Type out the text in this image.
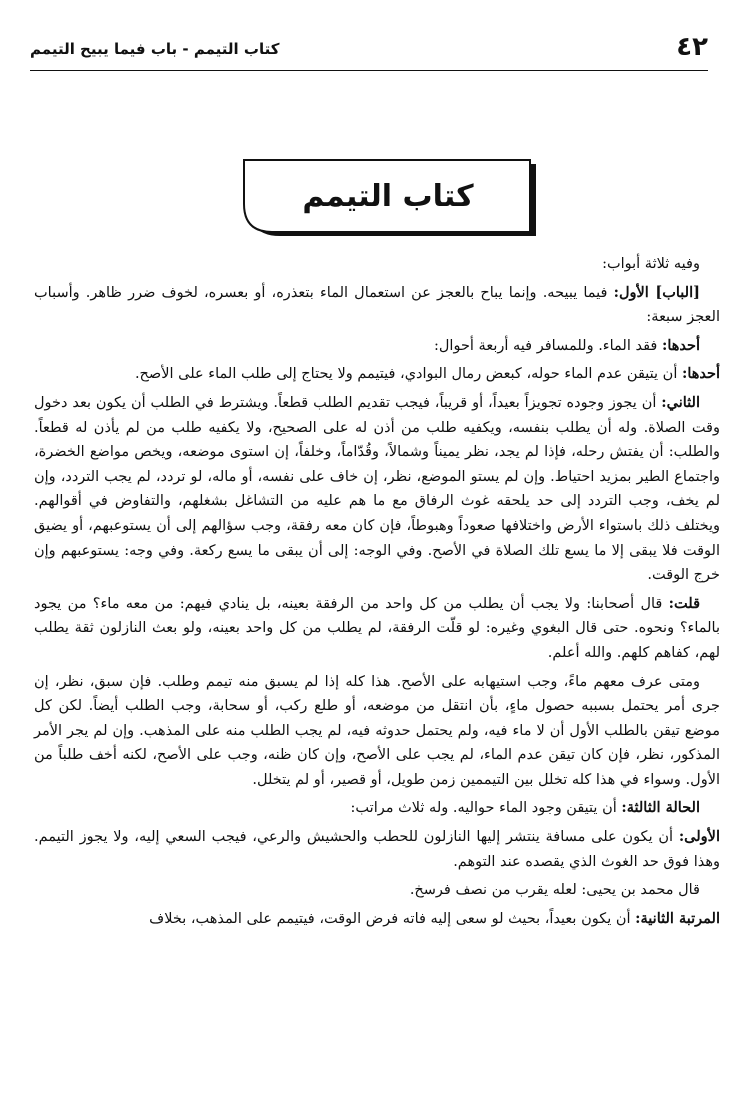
٤٢
كتاب التيمم - باب فيما يبيح التيمم
كتاب التيمم

وفيه ثلاثة أبواب:

[الباب] الأول: فيما يبيحه. وإنما يباح بالعجز عن استعمال الماء بتعذره، أو بعسره، لخوف ضرر ظاهر. وأسباب العجز سبعة:

أحدها: فقد الماء. وللمسافر فيه أربعة أحوال:

أحدها: أن يتيقن عدم الماء حوله، كبعض رمال البوادي، فيتيمم ولا يحتاج إلى طلب الماء على الأصح.

الثاني: أن يجوز وجوده تجويزاً بعيداً، أو قريباً، فيجب تقديم الطلب قطعاً. ويشترط في الطلب أن يكون بعد دخول وقت الصلاة. وله أن يطلب بنفسه، ويكفيه طلب من أذن له على الصحيح، ولا يكفيه طلب من لم يأذن له قطعاً. والطلب: أن يفتش رحله، فإذا لم يجد، نظر يميناً وشمالاً، وقُدّاماً، وخلفاً، إن استوى موضعه، ويخص مواضع الخضرة، واجتماع الطير بمزيد احتياط. وإن لم يستو الموضع، نظر، إن خاف على نفسه، أو ماله، لو تردد، لم يجب التردد، وإن لم يخف، وجب التردد إلى حد يلحقه غوث الرفاق مع ما هم عليه من التشاغل بشغلهم، والتفاوض في أقوالهم. ويختلف ذلك باستواء الأرض واختلافها صعوداً وهبوطاً، فإن كان معه رفقة، وجب سؤالهم إلى أن يستوعبهم، أو يضيق الوقت فلا يبقى إلا ما يسع تلك الصلاة في الأصح. وفي الوجه: إلى أن يبقى ما يسع ركعة. وفي وجه: يستوعبهم وإن خرج الوقت.

قلت: قال أصحابنا: ولا يجب أن يطلب من كل واحد من الرفقة بعينه، بل ينادي فيهم: من معه ماء؟ من يجود بالماء؟ ونحوه. حتى قال البغوي وغيره: لو قلّت الرفقة، لم يطلب من كل واحد بعينه، ولو بعث النازلون ثقة يطلب لهم، كفاهم كلهم. والله أعلم.

ومتى عرف معهم ماءً، وجب استيهابه على الأصح. هذا كله إذا لم يسبق منه تيمم وطلب. فإن سبق، نظر، إن جرى أمر يحتمل بسببه حصول ماءٍ، بأن انتقل من موضعه، أو طلع ركب، أو سحابة، وجب الطلب أيضاً. لكن كل موضع تيقن بالطلب الأول أن لا ماء فيه، ولم يحتمل حدوثه فيه، لم يجب الطلب منه على المذهب. وإن لم يجر الأمر المذكور، نظر، فإن كان تيقن عدم الماء، لم يجب على الأصح، وإن كان ظنه، وجب على الأصح، لكنه أخف طلباً من الأول. وسواء في هذا كله تخلل بين التيممين زمن طويل، أو قصير، أو لم يتخلل.

الحالة الثالثة: أن يتيقن وجود الماء حواليه. وله ثلاث مراتب:

الأولى: أن يكون على مسافة ينتشر إليها النازلون للحطب والحشيش والرعي، فيجب السعي إليه، ولا يجوز التيمم. وهذا فوق حد الغوث الذي يقصده عند التوهم.

قال محمد بن يحيى: لعله يقرب من نصف فرسخ.

المرتبة الثانية: أن يكون بعيداً، بحيث لو سعى إليه فاته فرض الوقت، فيتيمم على المذهب، بخلاف
